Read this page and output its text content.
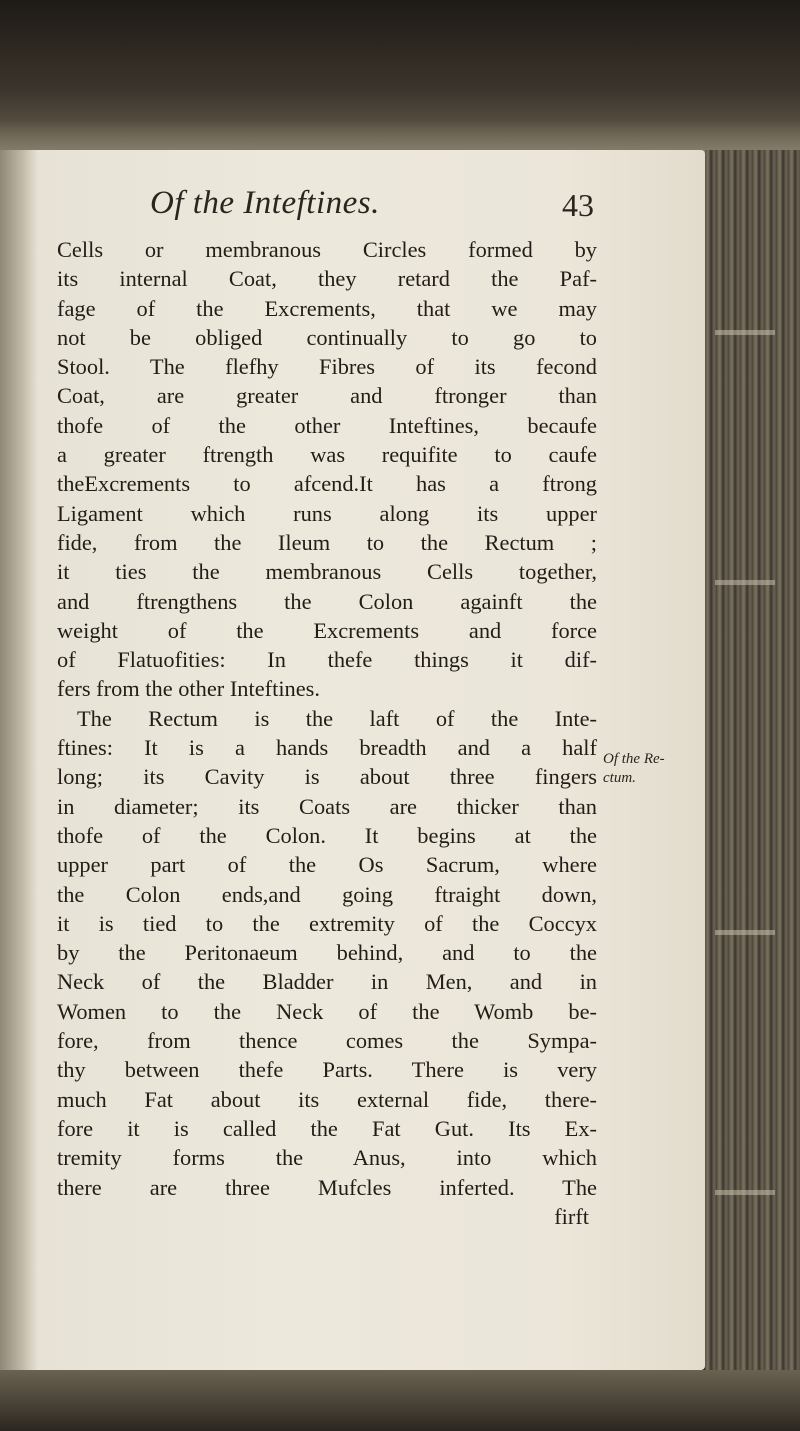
Of the Inteftines.	43
Cells or membranous Circles formed by
its internal Coat, they retard the Paf-
fage of the Excrements, that we may
not be obliged continually to go to
Stool. The flefhy Fibres of its fecond
Coat, are greater and ftronger than
thofe of the other Inteftines, becaufe
a greater ftrength was requifite to caufe
theExcrements to afcend.It has a ftrong
Ligament which runs along its upper
fide, from the Ileum to the Rectum ;
it ties the membranous Cells together,
and ftrengthens the Colon againft the
weight of the Excrements and force
of Flatuofities: In thefe things it dif-
fers from the other Inteftines.
The Rectum is the laft of the Inte-
ftines: It is a hands breadth and a half
long; its Cavity is about three fingers
in diameter; its Coats are thicker than
thofe of the Colon. It begins at the
upper part of the Os Sacrum, where
the Colon ends,and going ftraight down,
it is tied to the extremity of the Coccyx
by the Peritonaeum behind, and to the
Neck of the Bladder in Men, and in
Women to the Neck of the Womb be-
fore, from thence comes the Sympa-
thy between thefe Parts. There is very
much Fat about its external fide, there-
fore it is called the Fat Gut. Its Ex-
tremity forms the Anus, into which
there are three Mufcles inferted. The
firft
Of the Re-
ctum.
